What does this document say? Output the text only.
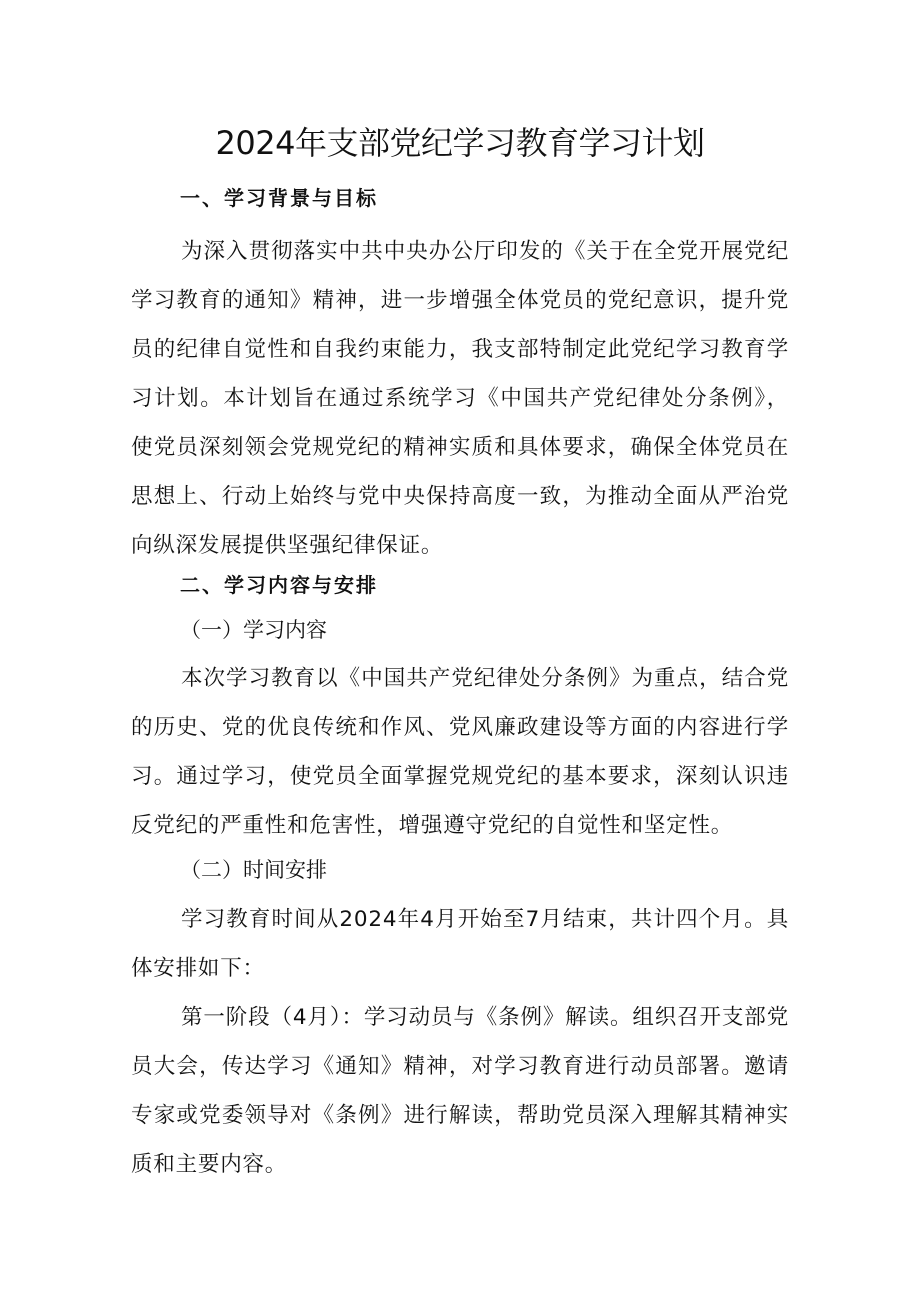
2024年支部党纪学习教育学习计划
一、学习背景与目标

为深入贯彻落实中共中央办公厅印发的《关于在全党开展党纪学习教育的通知》精神，进一步增强全体党员的党纪意识，提升党员的纪律自觉性和自我约束能力，我支部特制定此党纪学习教育学习计划。本计划旨在通过系统学习《中国共产党纪律处分条例》，使党员深刻领会党规党纪的精神实质和具体要求，确保全体党员在思想上、行动上始终与党中央保持高度一致，为推动全面从严治党向纵深发展提供坚强纪律保证。

二、学习内容与安排
（一）学习内容

本次学习教育以《中国共产党纪律处分条例》为重点，结合党的历史、党的优良传统和作风、党风廉政建设等方面的内容进行学习。通过学习，使党员全面掌握党规党纪的基本要求，深刻认识违反党纪的严重性和危害性，增强遵守党纪的自觉性和坚定性。

（二）时间安排

学习教育时间从2024年4月开始至7月结束，共计四个月。具体安排如下：

第一阶段（4月）：学习动员与《条例》解读。组织召开支部党员大会，传达学习《通知》精神，对学习教育进行动员部署。邀请专家或党委领导对《条例》进行解读，帮助党员深入理解其精神实质和主要内容。
